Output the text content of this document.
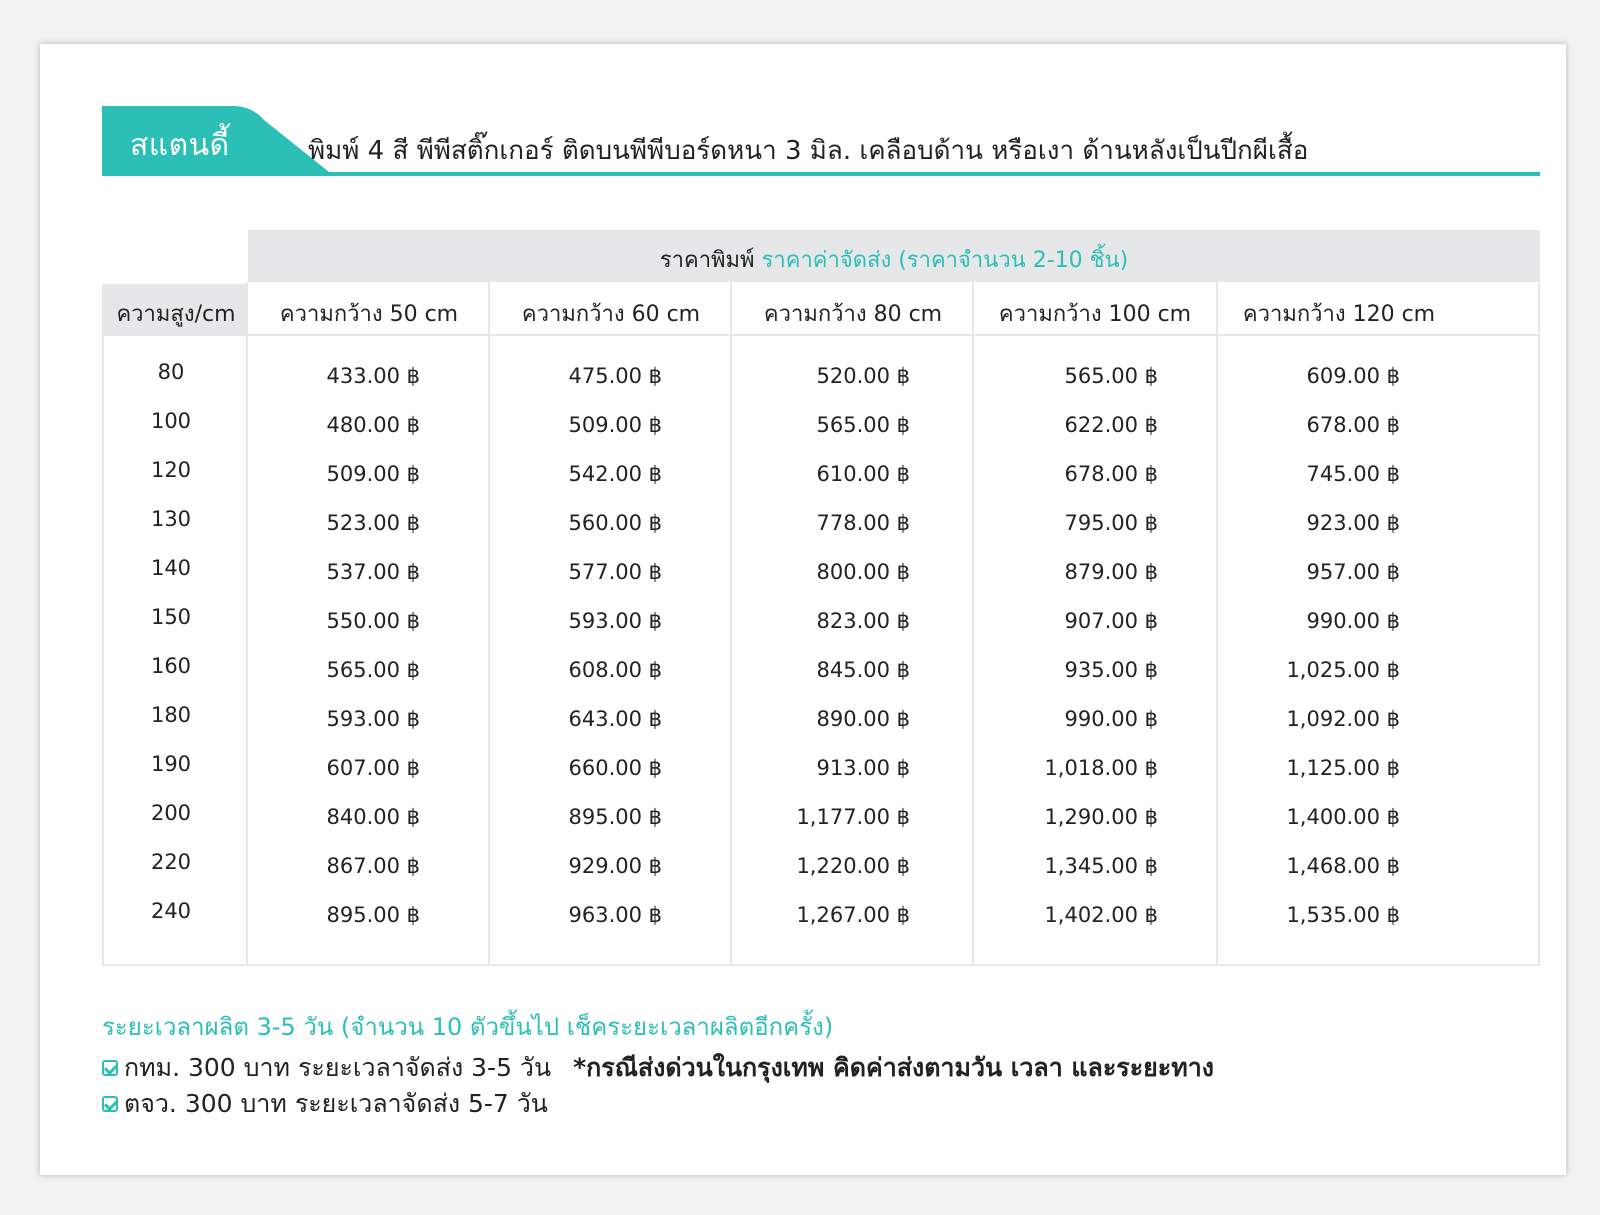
สแตนดี้	พิมพ์ 4 สี พีพีสติ๊กเกอร์ ติดบนพีพีบอร์ดหนา 3 มิล. เคลือบด้าน หรือเงา ด้านหลังเป็นปีกผีเสื้อ
ราคาพิมพ์ ราคาค่าจัดส่ง (ราคาจำนวน 2-10 ชิ้น)
ความสูง/cm	ความกว้าง 50 cm	ความกว้าง 60 cm	ความกว้าง 80 cm	ความกว้าง 100 cm	ความกว้าง 120 cm
80	433.00 ฿	475.00 ฿	520.00 ฿	565.00 ฿	609.00 ฿
100	480.00 ฿	509.00 ฿	565.00 ฿	622.00 ฿	678.00 ฿
120	509.00 ฿	542.00 ฿	610.00 ฿	678.00 ฿	745.00 ฿
130	523.00 ฿	560.00 ฿	778.00 ฿	795.00 ฿	923.00 ฿
140	537.00 ฿	577.00 ฿	800.00 ฿	879.00 ฿	957.00 ฿
150	550.00 ฿	593.00 ฿	823.00 ฿	907.00 ฿	990.00 ฿
160	565.00 ฿	608.00 ฿	845.00 ฿	935.00 ฿	1,025.00 ฿
180	593.00 ฿	643.00 ฿	890.00 ฿	990.00 ฿	1,092.00 ฿
190	607.00 ฿	660.00 ฿	913.00 ฿	1,018.00 ฿	1,125.00 ฿
200	840.00 ฿	895.00 ฿	1,177.00 ฿	1,290.00 ฿	1,400.00 ฿
220	867.00 ฿	929.00 ฿	1,220.00 ฿	1,345.00 ฿	1,468.00 ฿
240	895.00 ฿	963.00 ฿	1,267.00 ฿	1,402.00 ฿	1,535.00 ฿
ระยะเวลาผลิต 3-5 วัน (จำนวน 10 ตัวขึ้นไป เช็คระยะเวลาผลิตอีกครั้ง)
กทม. 300 บาท ระยะเวลาจัดส่ง 3-5 วัน *กรณีส่งด่วนในกรุงเทพ คิดค่าส่งตามวัน เวลา และระยะทาง
ตจว. 300 บาท ระยะเวลาจัดส่ง 5-7 วัน
